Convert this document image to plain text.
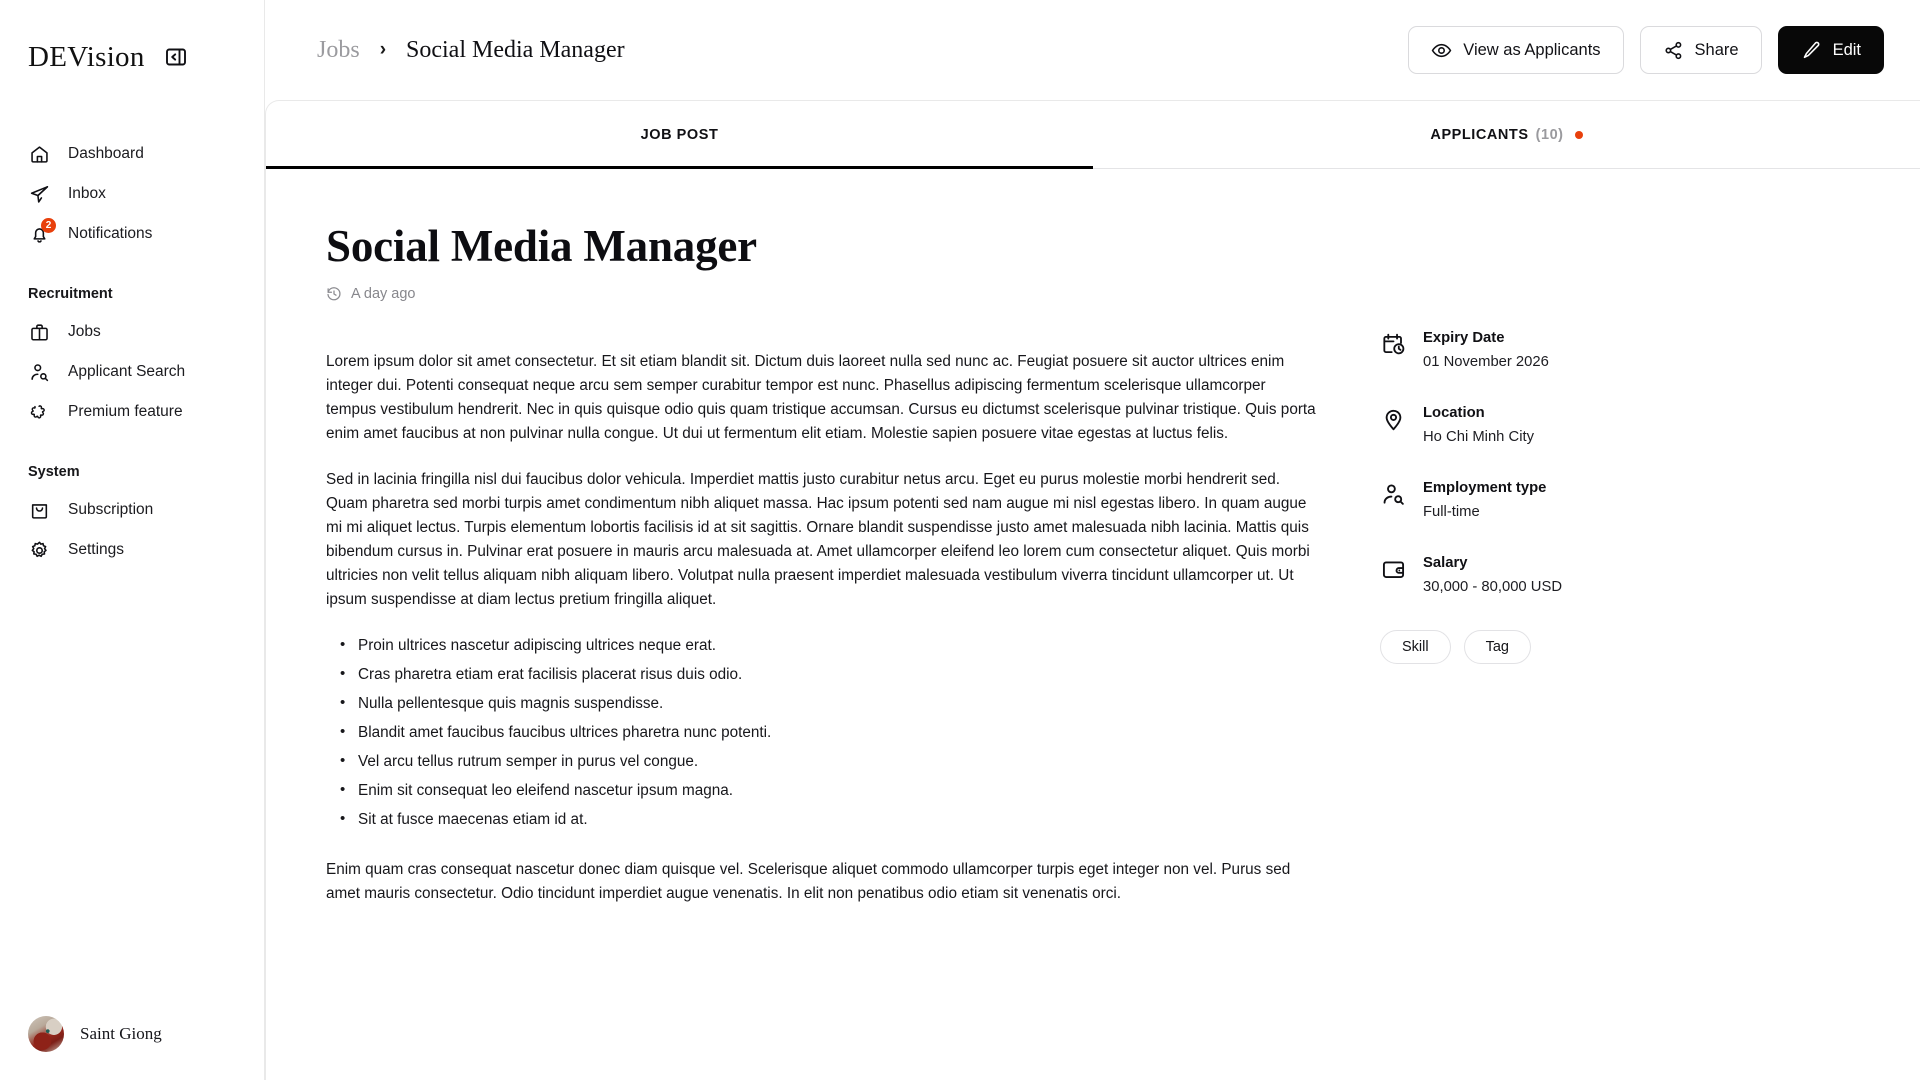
DEVision
Dashboard
Inbox
2	Notifications
Recruitment
Jobs
Applicant Search
Premium feature
System
Subscription
Settings
Saint Giong
Jobs › Social Media Manager	View as Applicants	Share	Edit
JOB POST	APPLICANTS (10)
Social Media Manager
A day ago

Lorem ipsum dolor sit amet consectetur. Et sit etiam blandit sit. Dictum duis laoreet nulla sed nunc ac. Feugiat posuere sit auctor ultrices enim integer dui. Potenti consequat neque arcu sem semper curabitur tempor est nunc. Phasellus adipiscing fermentum scelerisque ullamcorper tempus vestibulum hendrerit. Nec in quis quisque odio quis quam tristique accumsan. Cursus eu dictumst scelerisque pulvinar tristique. Quis porta enim amet faucibus at non pulvinar nulla congue. Ut dui ut fermentum elit etiam. Molestie sapien posuere vitae egestas at luctus felis.

Sed in lacinia fringilla nisl dui faucibus dolor vehicula. Imperdiet mattis justo curabitur netus arcu. Eget eu purus molestie morbi hendrerit sed. Quam pharetra sed morbi turpis amet condimentum nibh aliquet massa. Hac ipsum potenti sed nam augue mi nisl egestas libero. In quam augue mi mi aliquet lectus. Turpis elementum lobortis facilisis id at sit sagittis. Ornare blandit suspendisse justo amet malesuada nibh lacinia. Mattis quis bibendum cursus in. Pulvinar erat posuere in mauris arcu malesuada at. Amet ullamcorper eleifend leo lorem cum consectetur aliquet. Quis morbi ultricies non velit tellus aliquam nibh aliquam libero. Volutpat nulla praesent imperdiet malesuada vestibulum viverra tincidunt ullamcorper ut. Ut ipsum suspendisse at diam lectus pretium fringilla aliquet.

• Proin ultrices nascetur adipiscing ultrices neque erat.
• Cras pharetra etiam erat facilisis placerat risus duis odio.
• Nulla pellentesque quis magnis suspendisse.
• Blandit amet faucibus faucibus ultrices pharetra nunc potenti.
• Vel arcu tellus rutrum semper in purus vel congue.
• Enim sit consequat leo eleifend nascetur ipsum magna.
• Sit at fusce maecenas etiam id at.

Enim quam cras consequat nascetur donec diam quisque vel. Scelerisque aliquet commodo ullamcorper turpis eget integer non vel. Purus sed amet mauris consectetur. Odio tincidunt imperdiet augue venenatis. In elit non penatibus odio etiam sit venenatis orci.

Expiry Date
01 November 2026
Location
Ho Chi Minh City
Employment type
Full-time
Salary
30,000 - 80,000 USD
Skill	Tag
